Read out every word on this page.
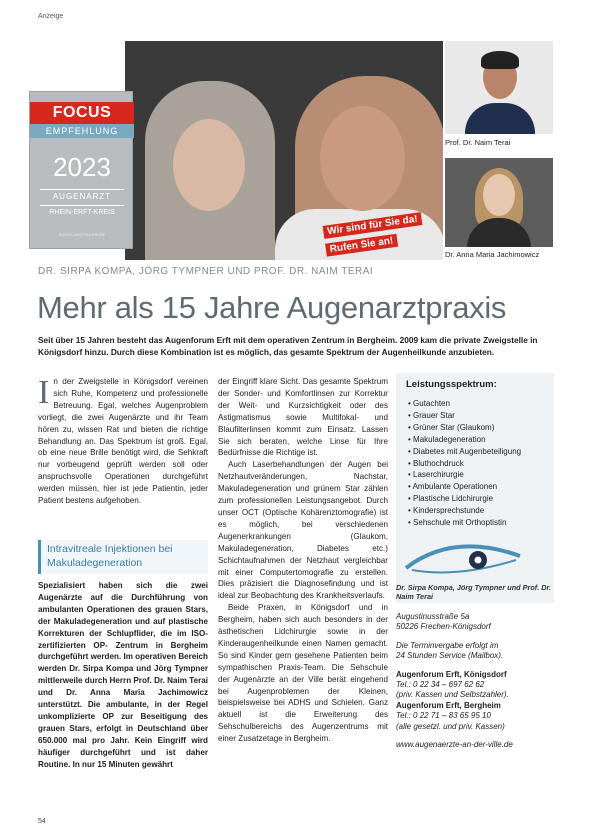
Anzeige
FOCUS
EMPFEHLUNG
2023
AUGENARZT
RHEIN-ERFT-KREIS
FOCUS-ARZTSUCHE.DE	Wir sind für Sie da!
Rufen Sie an!
Prof. Dr. Naim Terai
Dr. Anna Maria Jachimowicz
DR. SIRPA KOMPA, JÖRG TYMPNER UND PROF. DR. NAIM TERAI
Mehr als 15 Jahre Augenarztpraxis
Seit über 15 Jahren besteht das Augenforum Erft mit dem operativen Zentrum in Bergheim. 2009 kam die private Zweigstelle in Königsdorf hinzu. Durch diese Kombination ist es möglich, das gesamte Spektrum der Augenheilkunde anzubieten.
I n der Zweigstelle in Königsdorf vereinen sich Ruhe, Kompetenz und professionelle Betreuung. Egal, welches Augenproblem vorliegt, die zwei Augenärzte und ihr Team hören zu, wissen Rat und bieten die richtige Behandlung an. Das Spektrum ist groß. Egal, ob eine neue Brille benötigt wird, die Sehkraft nur vorbeugend geprüft werden soll oder anspruchsvolle Operationen durchgeführt werden müssen, hier ist jede Patientin, jeder Patient bestens aufgehoben.

Intravitreale Injektionen bei Makuladegeneration

Spezialisiert haben sich die zwei Augenärzte auf die Durchführung von ambulanten Operationen des grauen Stars, der Makuladegeneration und auf plastische Korrekturen der Schlupflider, die im ISO-zertifizierten OP- Zentrum in Bergheim durchgeführt werden. Im operativen Bereich werden Dr. Sirpa Kompa und Jörg Tympner mittlerweile durch Herrn Prof. Dr. Naim Terai und Dr. Anna Maria Jachimowicz unterstützt. Die ambulante, in der Regel unkomplizierte OP zur Beseitigung des grauen Stars, erfolgt in Deutschland über 650.000 mal pro Jahr. Kein Eingriff wird häufiger durchgeführt und ist daher Routine. In nur 15 Minuten gewährt

der Eingriff klare Sicht. Das gesamte Spektrum der Sonder- und Komfortlinsen zur Korrektur der Weit- und Kurzsichtigkeit oder des Astigmatismus sowie Multifokal- und Blaufilterlinsen kommt zum Einsatz. Lassen Sie sich beraten, welche Linse für Ihre Bedürfnisse die Richtige ist.

Auch Laserbehandlungen der Augen bei Netzhautveränderungen, Nachstar, Makuladegeneration und grünem Star zählen zum professionellen Leistungsangebot. Durch unser OCT (Optische Kohärenztomografie) ist es möglich, bei verschiedenen Augenerkrankungen (Glaukom, Makuladegeneration, Diabetes etc.) Schichtaufnahmen der Netzhaut vergleichbar mit einer Computertomografie zu erstellen. Dies präzisiert die Diagnosefindung und ist ideal zur Beobachtung des Krankheitsverlaufs.

Beide Praxen, in Königsdorf und in Bergheim, haben sich auch besonders in der ästhetischen Lidchirurgie sowie in der Kinderaugenheilkunde einen Namen gemacht. So sind Kinder gern gesehene Patienten beim sympathischen Praxis-Team. Die Sehschule der Augenärzte an der Ville berät eingehend bei Augenproblemen der Kleinen, beispielsweise bei ADHS und Schielen. Ganz aktuell ist die Erweiterung des Sehschulbereichs des Augenzentrums mit einer Zusatzetage in Bergheim.

Leistungsspektrum:
• Gutachten
• Grauer Star
• Grüner Star (Glaukom)
• Makuladegeneration
• Diabetes mit Augenbeteiligung
• Bluthochdruck
• Laserchirurgie
• Ambulante Operationen
• Plastische Lidchirurgie
• Kindersprechstunde
• Sehschule mit Orthoptistin
Dr. Sirpa Kompa, Jörg Tympner und Prof. Dr. Naim Terai
Augustinusstraße 5a
50226 Frechen-Königsdorf
Die Terminvergabe erfolgt im
24 Stunden Service (Mailbox).
Augenforum Erft, Königsdorf
Tel.: 0 22 34 – 697 62 62
(priv. Kassen und Selbstzahler).
Augenforum Erft, Bergheim
Tel.: 0 22 71 – 83 65 95 10
(alle gesetzl. und priv. Kassen)
www.augenaerzte-an-der-ville.de
54
